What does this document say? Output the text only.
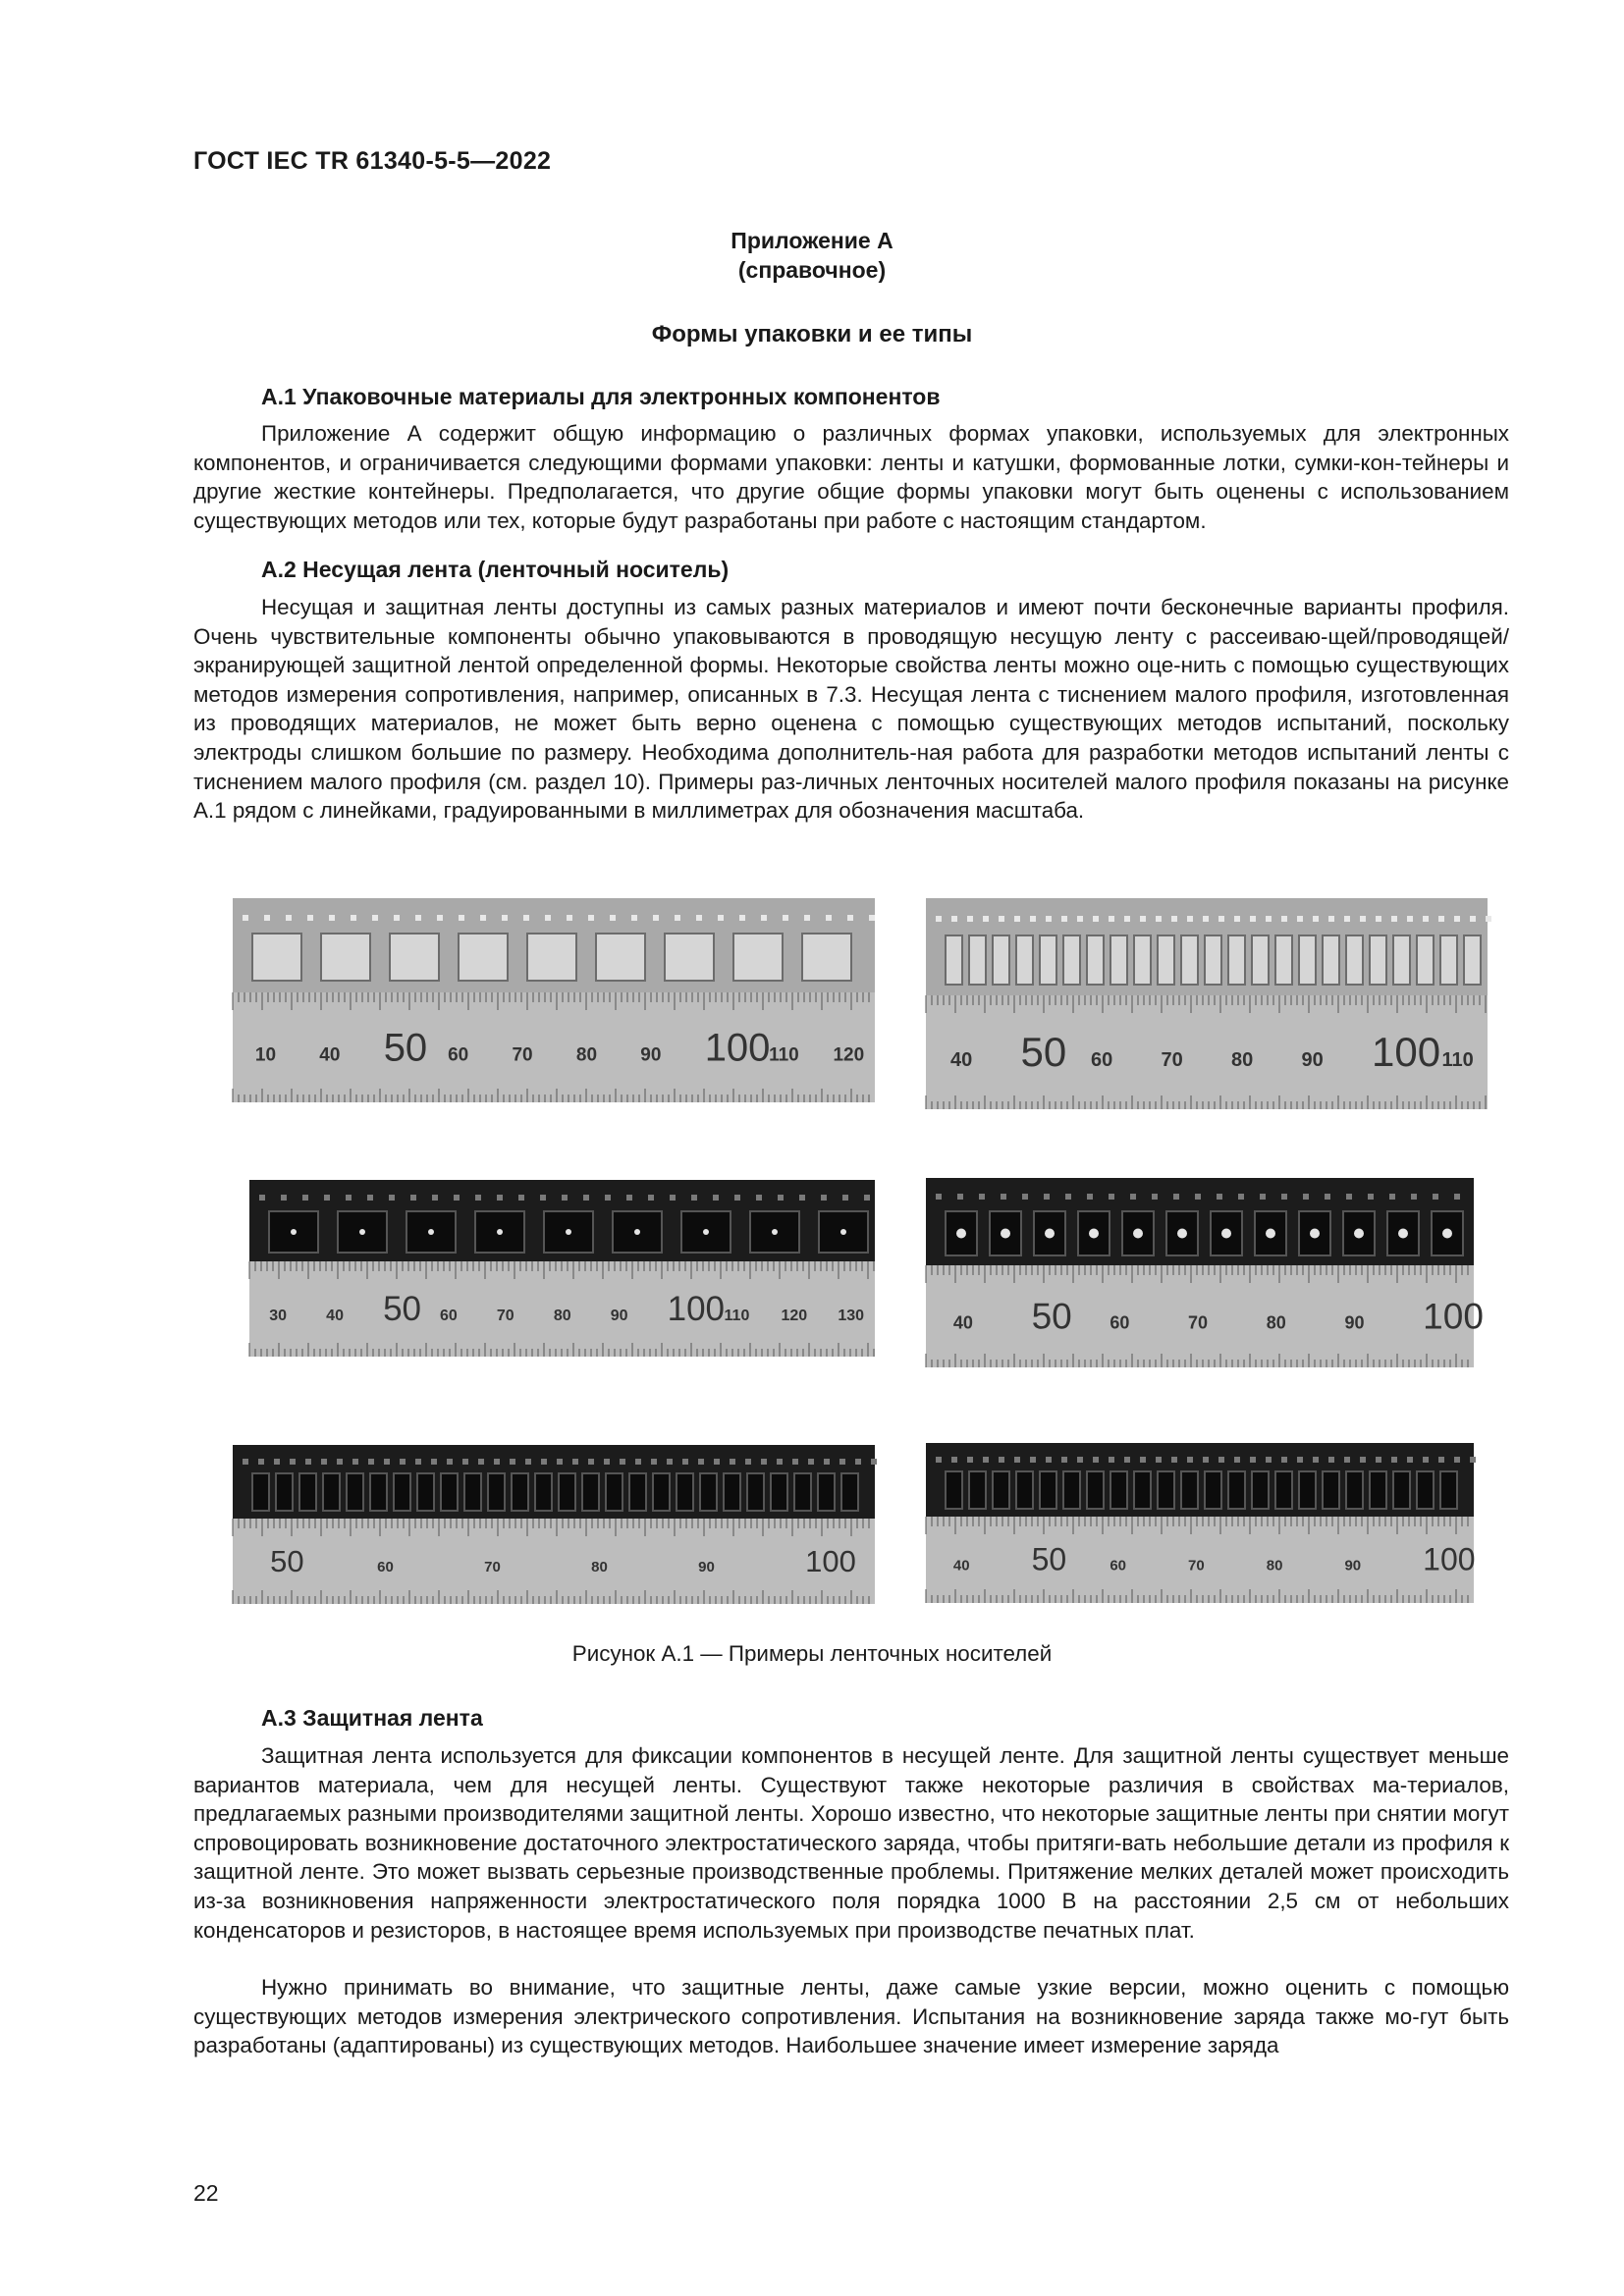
ГОСТ IEC TR 61340-5-5—2022
Приложение А
(справочное)
Формы упаковки и ее типы
А.1 Упаковочные материалы для электронных компонентов
Приложение А содержит общую информацию о различных формах упаковки, используемых для электронных компонентов, и ограничивается следующими формами упаковки: ленты и катушки, формованные лотки, сумки-кон-тейнеры и другие жесткие контейнеры. Предполагается, что другие общие формы упаковки могут быть оценены с использованием существующих методов или тех, которые будут разработаны при работе с настоящим стандартом.
А.2 Несущая лента (ленточный носитель)
Несущая и защитная ленты доступны из самых разных материалов и имеют почти бесконечные варианты профиля. Очень чувствительные компоненты обычно упаковываются в проводящую несущую ленту с рассеиваю-щей/проводящей/экранирующей защитной лентой определенной формы. Некоторые свойства ленты можно оце-нить с помощью существующих методов измерения сопротивления, например, описанных в 7.3. Несущая лента с тиснением малого профиля, изготовленная из проводящих материалов, не может быть верно оценена с помощью существующих методов испытаний, поскольку электроды слишком большие по размеру. Необходима дополнитель-ная работа для разработки методов испытаний ленты с тиснением малого профиля (см. раздел 10). Примеры раз-личных ленточных носителей малого профиля показаны на рисунке А.1 рядом с линейками, градуированными в миллиметрах для обозначения масштаба.
10 40 50 60 70 80 90 100
110 120	40 50 60 70 80 90 100 110
30	40 50 60	70	80	90 100 110 120 130	40 50 60	70	80	90 100
50	60	70	80	90	100	40 50	60	70	80	90 100
Рисунок А.1 — Примеры ленточных носителей
А.3 Защитная лента
Защитная лента используется для фиксации компонентов в несущей ленте. Для защитной ленты существует меньше вариантов материала, чем для несущей ленты. Существуют также некоторые различия в свойствах ма-териалов, предлагаемых разными производителями защитной ленты. Хорошо известно, что некоторые защитные ленты при снятии могут спровоцировать возникновение достаточного электростатического заряда, чтобы притяги-вать небольшие детали из профиля к защитной ленте. Это может вызвать серьезные производственные проблемы. Притяжение мелких деталей может происходить из-за возникновения напряженности электростатического поля порядка 1000 В на расстоянии 2,5 см от небольших конденсаторов и резисторов, в настоящее время используемых при производстве печатных плат.
Нужно принимать во внимание, что защитные ленты, даже самые узкие версии, можно оценить с помощью существующих методов измерения электрического сопротивления. Испытания на возникновение заряда также мо-гут быть разработаны (адаптированы) из существующих методов. Наибольшее значение имеет измерение заряда
22
